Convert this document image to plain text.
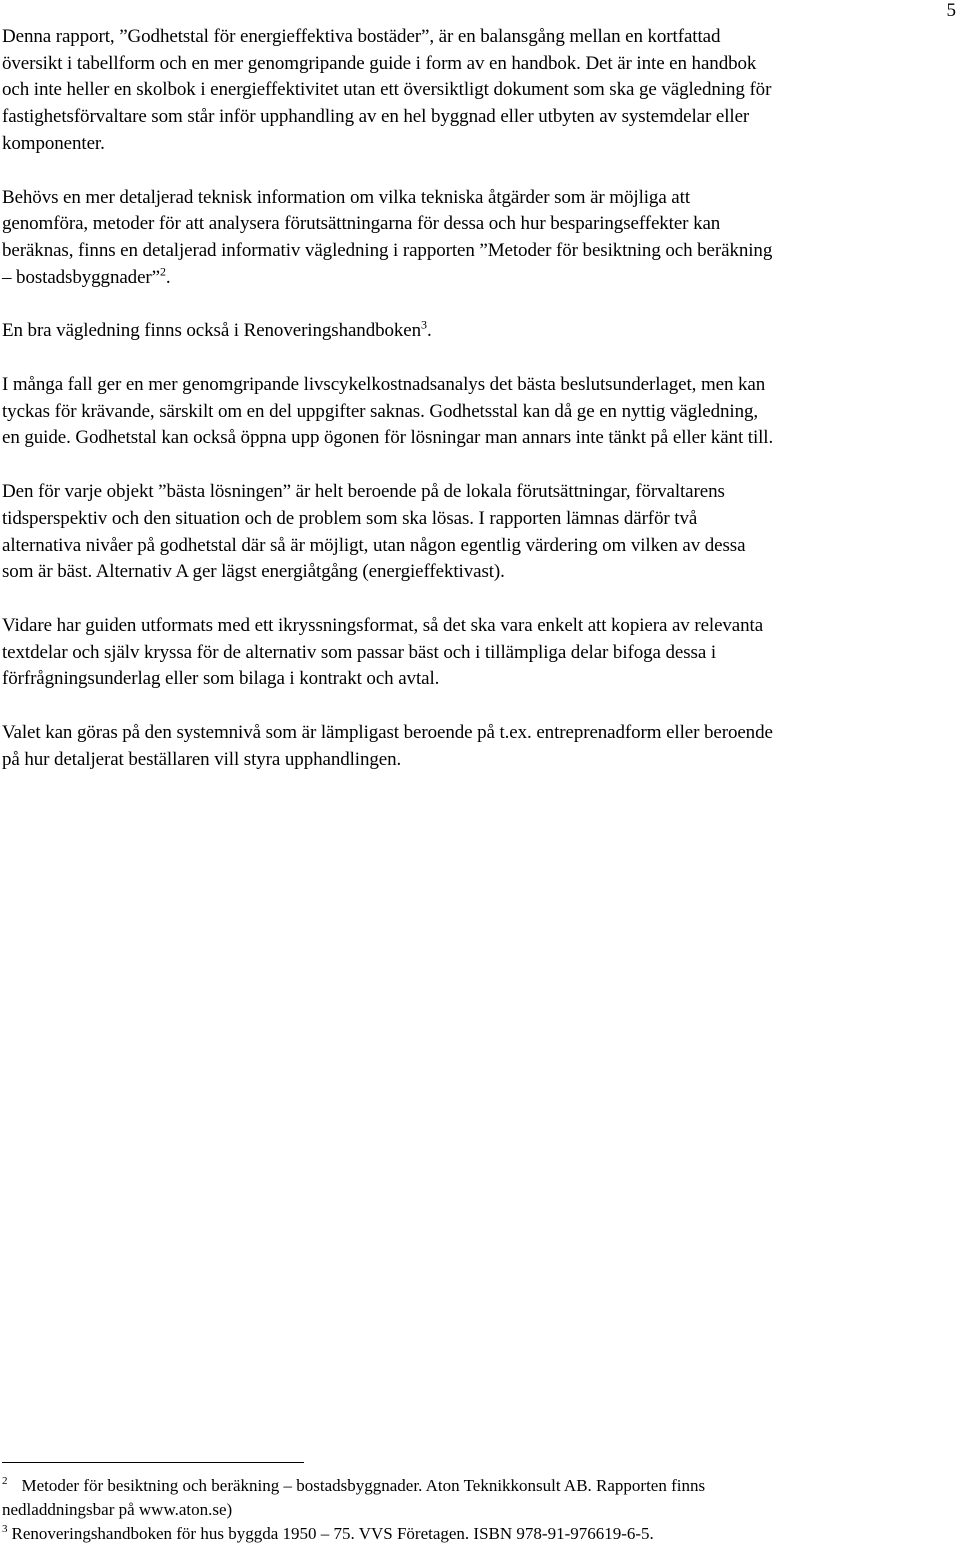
5

Denna rapport, ”Godhetstal för energieffektiva bostäder”, är en balansgång mellan en kortfattad
översikt i tabellform och en mer genomgripande guide i form av en handbok. Det är inte en handbok
och inte heller en skolbok i energieffektivitet utan ett översiktligt dokument som ska ge vägledning för
fastighetsförvaltare som står inför upphandling av en hel byggnad eller utbyten av systemdelar eller
komponenter.

Behövs en mer detaljerad teknisk information om vilka tekniska åtgärder som är möjliga att
genomföra, metoder för att analysera förutsättningarna för dessa och hur besparingseffekter kan
beräknas, finns en detaljerad informativ vägledning i rapporten ”Metoder för besiktning och beräkning
– bostadsbyggnader”$^2$.

En bra vägledning finns också i Renoveringshandboken$^3$.

I många fall ger en mer genomgripande livscykelkostnadsanalys det bästa beslutsunderlaget, men kan
tyckas för krävande, särskilt om en del uppgifter saknas. Godhetsstal kan då ge en nyttig vägledning,
en guide. Godhetstal kan också öppna upp ögonen för lösningar man annars inte tänkt på eller känt till.

Den för varje objekt ”bästa lösningen” är helt beroende på de lokala förutsättningar, förvaltarens
tidsperspektiv och den situation och de problem som ska lösas. I rapporten lämnas därför två
alternativa nivåer på godhetstal där så är möjligt, utan någon egentlig värdering om vilken av dessa
som är bäst. Alternativ A ger lägst energiåtgång (energieffektivast).

Vidare har guiden utformats med ett ikryssningsformat, så det ska vara enkelt att kopiera av relevanta
textdelar och själv kryssa för de alternativ som passar bäst och i tillämpliga delar bifoga dessa i
förfrågningsunderlag eller som bilaga i kontrakt och avtal.

Valet kan göras på den systemnivå som är lämpligast beroende på t.ex. entreprenadform eller beroende
på hur detaljerat beställaren vill styra upphandlingen.

$^2$ Metoder för besiktning och beräkning – bostadsbyggnader. Aton Teknikkonsult AB. Rapporten finns
nedladdningsbar på www.aton.se)

$^3$ Renoveringshandboken för hus byggda 1950 – 75. VVS Företagen. ISBN 978-91-976619-6-5.
